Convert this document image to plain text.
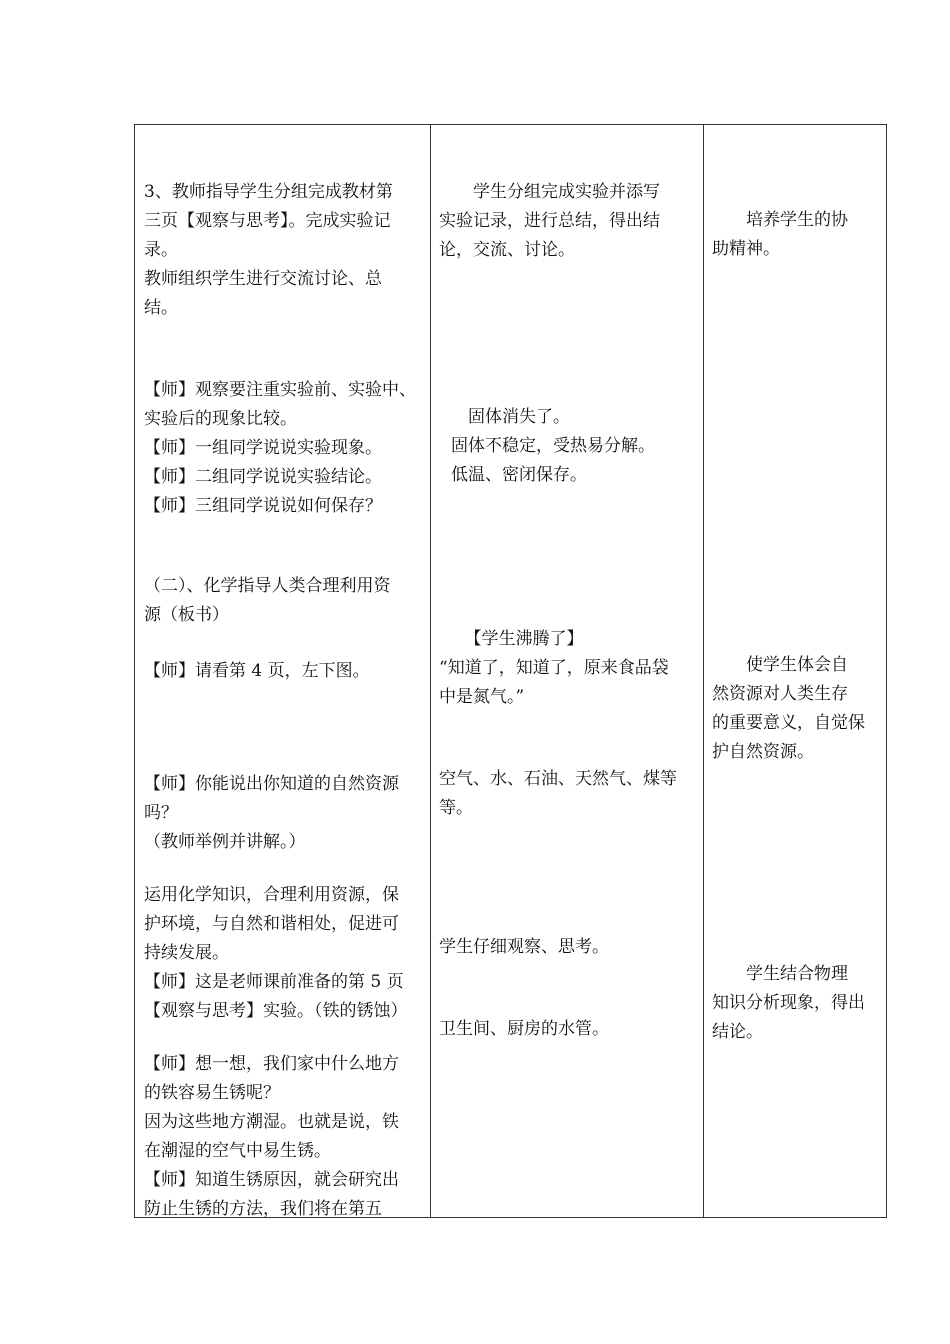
3、教师指导学生分组完成教材第
三页【观察与思考】。完成实验记
录。
教师组织学生进行交流讨论、总
结。
【师】观察要注重实验前、实验中、
实验后的现象比较。
【师】一组同学说说实验现象。
【师】二组同学说说实验结论。
【师】三组同学说说如何保存？
（二）、化学指导人类合理利用资
源（板书）
【师】请看第 4 页，左下图。
【师】你能说出你知道的自然资源
吗？
（教师举例并讲解。）
运用化学知识，合理利用资源，保
护环境，与自然和谐相处，促进可
持续发展。
【师】这是老师课前准备的第 5 页
【观察与思考】实验。（铁的锈蚀）
【师】想一想，我们家中什么地方
的铁容易生锈呢？
因为这些地方潮湿。也就是说，铁
在潮湿的空气中易生锈。
【师】知道生锈原因，就会研究出
防止生锈的方法，我们将在第五
　　学生分组完成实验并添写
实验记录，进行总结，得出结
论，交流、讨论。
　固体消失了。
固体不稳定，受热易分解。
低温、密闭保存。
　　【学生沸腾了】
“知道了，知道了，原来食品袋
中是氮气。”
空气、水、石油、天然气、煤等
等。
学生仔细观察、思考。
卫生间、厨房的水管。
　　培养学生的协
助精神。
　　使学生体会自
然资源对人类生存
的重要意义，自觉保
护自然资源。
　　学生结合物理
知识分析现象，得出
结论。
